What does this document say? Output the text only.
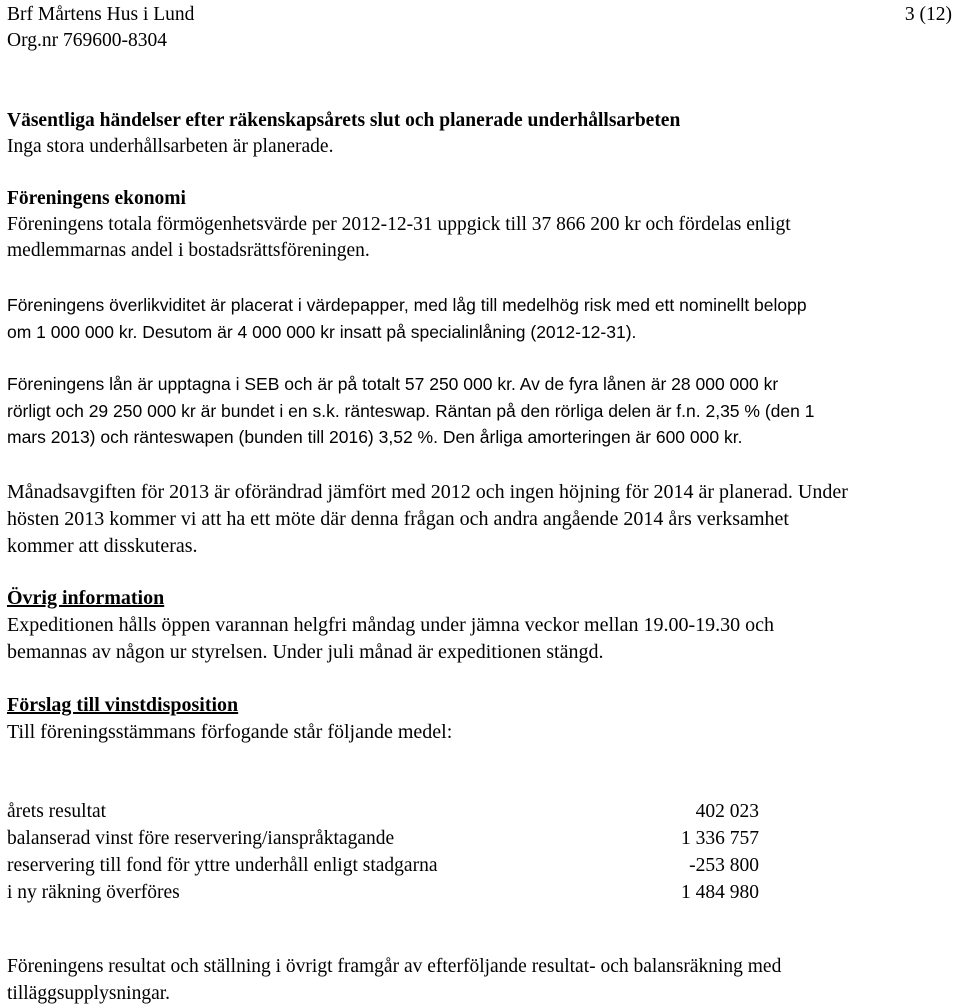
Brf Mårtens Hus i Lund
Org.nr 769600-8304
3 (12)

Väsentliga händelser efter räkenskapsårets slut och planerade underhållsarbeten

Inga stora underhållsarbeten är planerade.

Föreningens ekonomi

Föreningens totala förmögenhetsvärde per 2012-12-31 uppgick till 37 866 200 kr och fördelas enligt

medlemmarnas andel i bostadsrättsföreningen.

Föreningens överlikviditet är placerat i värdepapper, med låg till medelhög risk med ett nominellt belopp

om 1 000 000 kr. Desutom är 4 000 000 kr insatt på specialinlåning (2012-12-31).

Föreningens lån är upptagna i SEB och är på totalt 57 250 000 kr. Av de fyra lånen är 28 000 000 kr

rörligt och 29 250 000 kr är bundet i en s.k. ränteswap. Räntan på den rörliga delen är f.n. 2,35 % (den 1

mars 2013) och ränteswapen (bunden till 2016) 3,52 %. Den årliga amorteringen är 600 000 kr.

Månadsavgiften för 2013 är oförändrad jämfört med 2012 och ingen höjning för 2014 är planerad. Under

hösten 2013 kommer vi att ha ett möte där denna frågan och andra angående 2014 års verksamhet

kommer att disskuteras.

Övrig information

Expeditionen hålls öppen varannan helgfri måndag under jämna veckor mellan 19.00-19.30 och

bemannas av någon ur styrelsen. Under juli månad är expeditionen stängd.

Förslag till vinstdisposition

Till föreningsstämmans förfogande står följande medel:

årets resultat	402 023
balanserad vinst före reservering/ianspråktagande	1 336 757
reservering till fond för yttre underhåll enligt stadgarna	-253 800
i ny räkning överföres	1 484 980

Föreningens resultat och ställning i övrigt framgår av efterföljande resultat- och balansräkning med

tilläggsupplysningar.
